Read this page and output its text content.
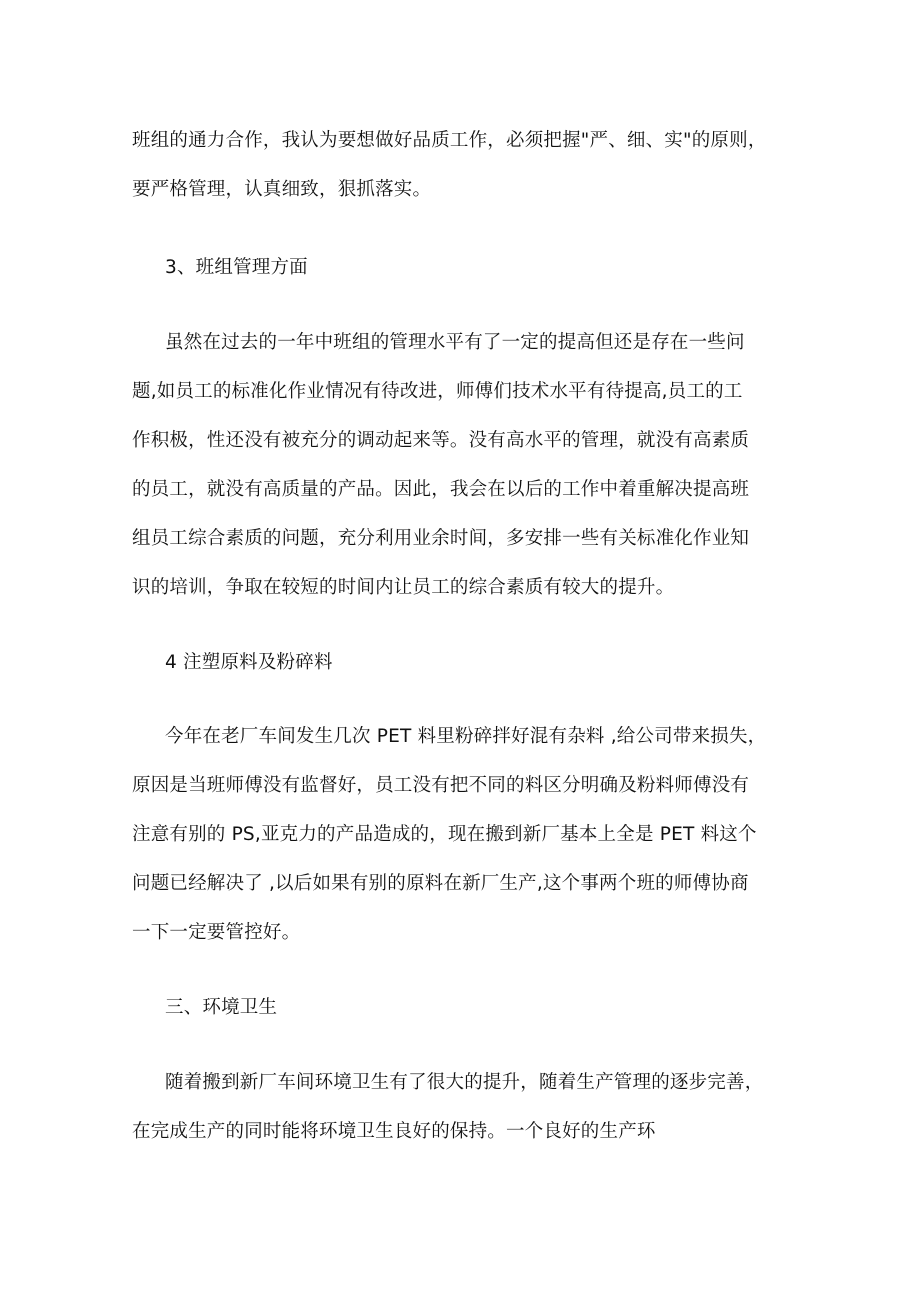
班组的通力合作，我认为要想做好品质工作，必须把握"严、细、实"的原则，
要严格管理，认真细致，狠抓落实。
3、班组管理方面
虽然在过去的一年中班组的管理水平有了一定的提高但还是存在一些问
题,如员工的标准化作业情况有待改进，师傅们技术水平有待提高,员工的工
作积极，性还没有被充分的调动起来等。没有高水平的管理，就没有高素质
的员工，就没有高质量的产品。因此，我会在以后的工作中着重解决提高班
组员工综合素质的问题，充分利用业余时间，多安排一些有关标准化作业知
识的培训，争取在较短的时间内让员工的综合素质有较大的提升。
4 注塑原料及粉碎料
今年在老厂车间发生几次 PET 料里粉碎拌好混有杂料 ,给公司带来损失，
原因是当班师傅没有监督好，员工没有把不同的料区分明确及粉料师傅没有
注意有别的 PS,亚克力的产品造成的，现在搬到新厂基本上全是 PET 料这个
问题已经解决了 ,以后如果有别的原料在新厂生产,这个事两个班的师傅协商
一下一定要管控好。
三、环境卫生
随着搬到新厂车间环境卫生有了很大的提升，随着生产管理的逐步完善，
在完成生产的同时能将环境卫生良好的保持。一个良好的生产环
